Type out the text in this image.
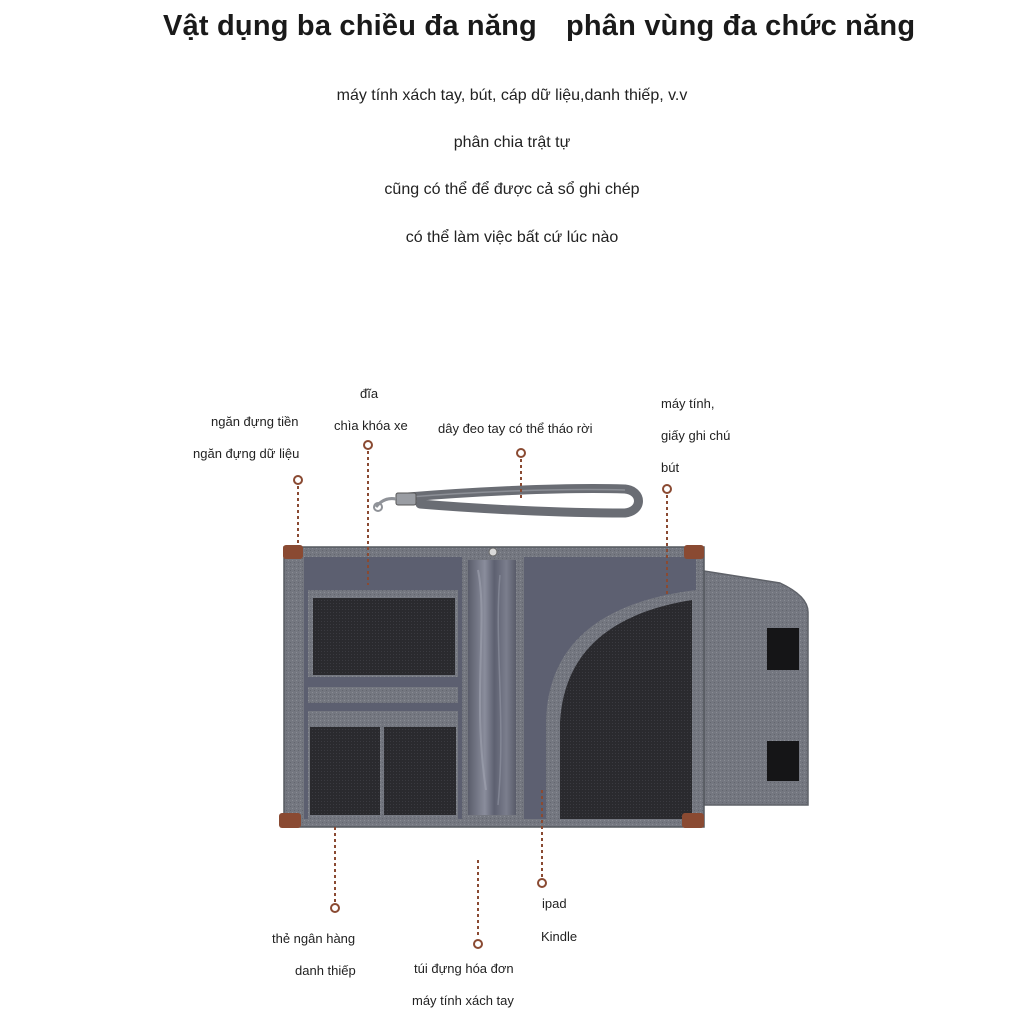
Vật dụng ba chiều đa năng phân vùng đa chức năng
máy tính xách tay, bút, cáp dữ liệu,danh thiếp, v.v
phân chia trật tự
cũng có thể để được cả sổ ghi chép
có thể làm việc bất cứ lúc nào
ngăn đựng tiền
ngăn đựng dữ liệu
đĩa
chìa khóa xe dây đeo tay có thể tháo rời
máy tính,
giấy ghi chú
bút
thẻ ngân hàng
danh thiếp	túi đựng hóa đơn
máy tính xách tay
ipad
Kindle
